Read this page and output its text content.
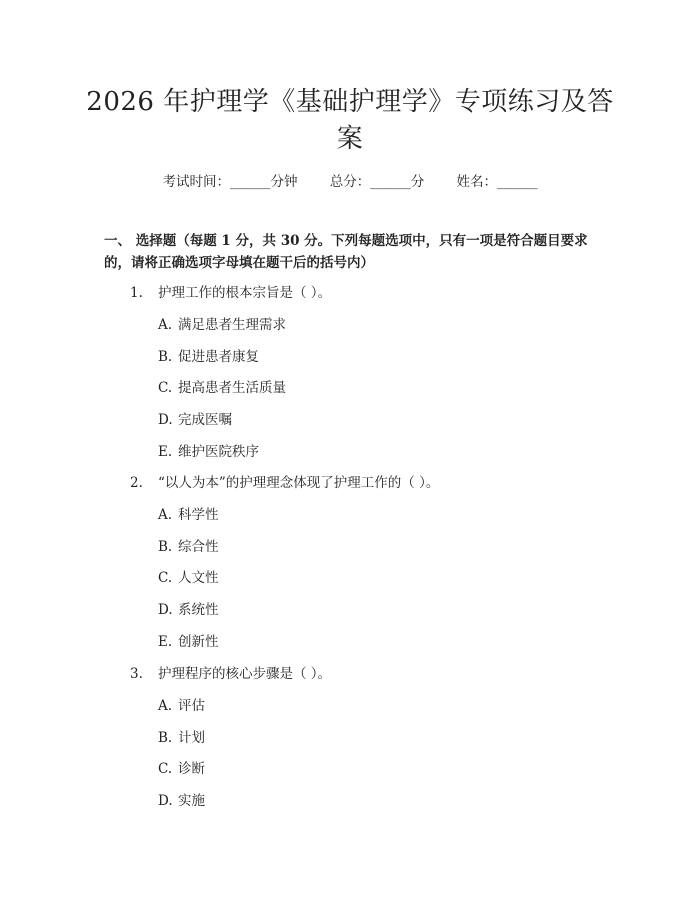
2026 年护理学《基础护理学》专项练习及答
案
考试时间：______分钟 总分：______分 姓名：______
一、 选择题（每题 1 分，共 30 分。下列每题选项中，只有一项是符合题目要求的，请将正确选项字母填在题干后的括号内）
1. 护理工作的根本宗旨是（ ）。
A. 满足患者生理需求
B. 促进患者康复
C. 提高患者生活质量
D. 完成医嘱
E. 维护医院秩序
2. “以人为本”的护理理念体现了护理工作的（ ）。
A. 科学性
B. 综合性
C. 人文性
D. 系统性
E. 创新性
3. 护理程序的核心步骤是（ ）。
A. 评估
B. 计划
C. 诊断
D. 实施
